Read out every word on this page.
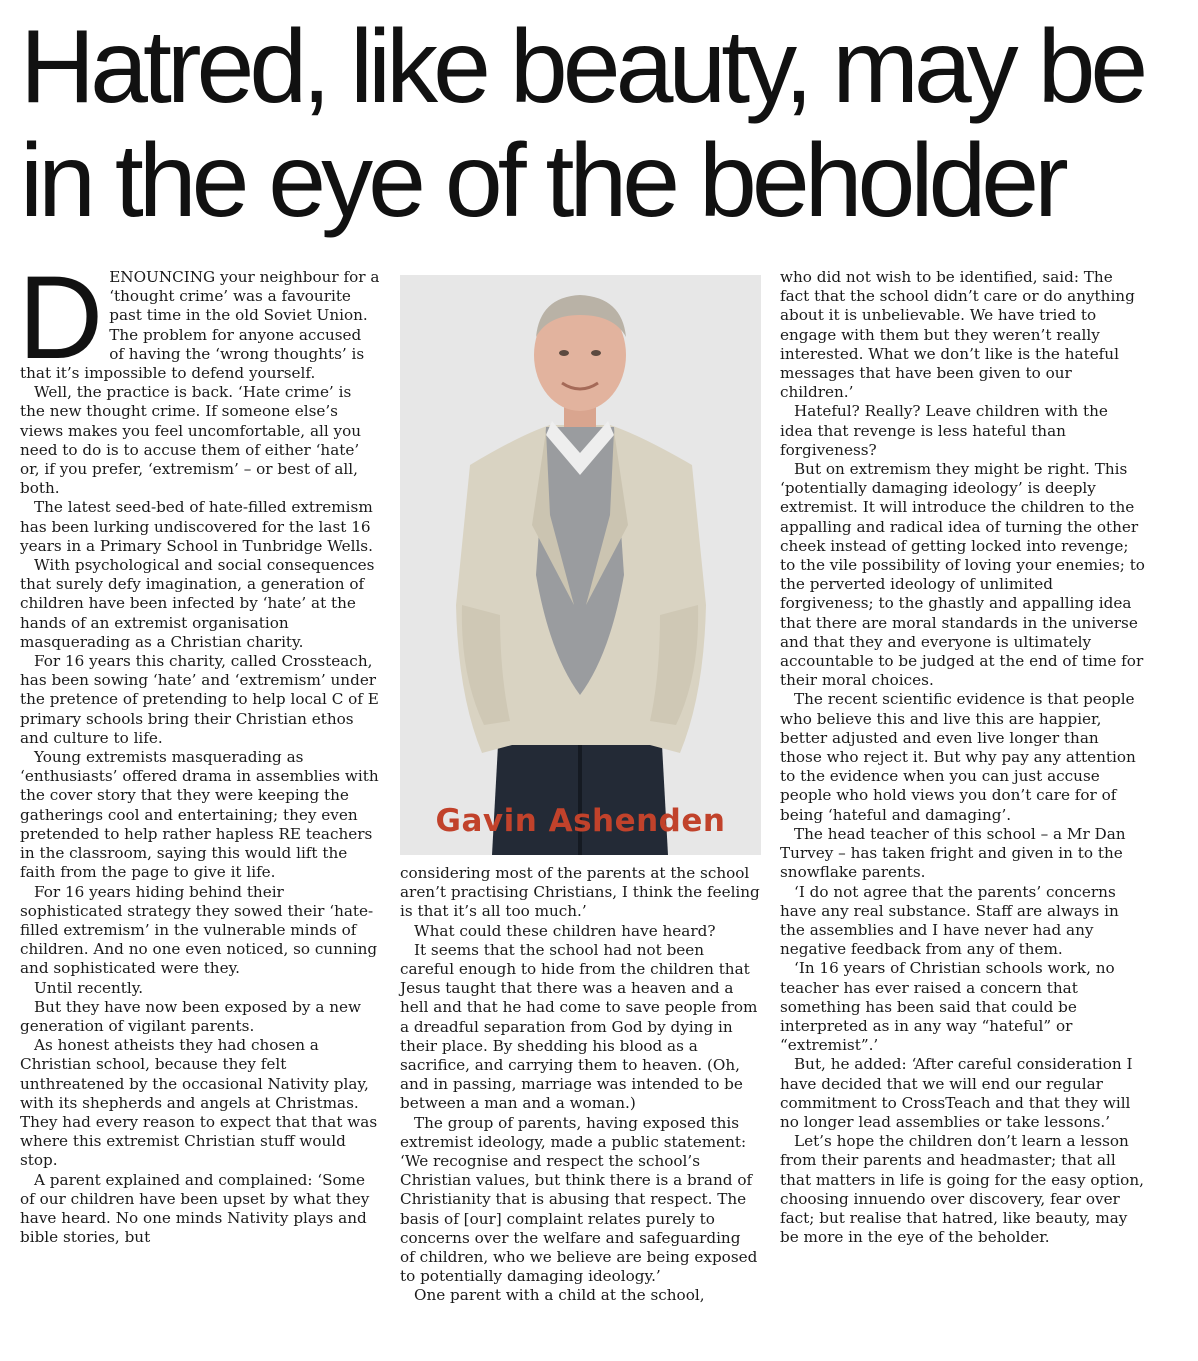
Hatred, like beauty, may be
in the eye of the beholder
D ENOUNCING your neighbour for a ‘thought crime’ was a favourite past time in the old Soviet Union. The problem for anyone accused of having the ‘wrong thoughts’ is that it’s impossible to defend yourself.

Well, the practice is back. ‘Hate crime’ is the new thought crime. If someone else’s views makes you feel uncomfortable, all you need to do is to accuse them of either ‘hate’ or, if you prefer, ‘extremism’ – or best of all, both.

The latest seed-bed of hate-filled extremism has been lurking undiscovered for the last 16 years in a Primary School in Tunbridge Wells.

With psychological and social consequences that surely defy imagination, a generation of children have been infected by ‘hate’ at the hands of an extremist organisation masquerading as a Christian charity.

For 16 years this charity, called Crossteach, has been sowing ‘hate’ and ‘extremism’ under the pretence of pretending to help local C of E primary schools bring their Christian ethos and culture to life.

Young extremists masquerading as ‘enthusiasts’ offered drama in assemblies with the cover story that they were keeping the gatherings cool and entertaining; they even pretended to help rather hapless RE teachers in the classroom, saying this would lift the faith from the page to give it life.

For 16 years hiding behind their sophisticated strategy they sowed their ‘hate-filled extremism’ in the vulnerable minds of children. And no one even noticed, so cunning and sophisticated were they.

Until recently.

But they have now been exposed by a new generation of vigilant parents.

As honest atheists they had chosen a Christian school, because they felt unthreatened by the occasional Nativity play, with its shepherds and angels at Christmas. They had every reason to expect that that was where this extremist Christian stuff would stop.

A parent explained and complained: ‘Some of our children have been upset by what they have heard. No one minds Nativity plays and bible stories, but

Gavin Ashenden

considering most of the parents at the school aren’t practising Christians, I think the feeling is that it’s all too much.’

What could these children have heard?

It seems that the school had not been careful enough to hide from the children that Jesus taught that there was a heaven and a hell and that he had come to save people from a dreadful separation from God by dying in their place. By shedding his blood as a sacrifice, and carrying them to heaven. (Oh, and in passing, marriage was intended to be between a man and a woman.)

The group of parents, having exposed this extremist ideology, made a public statement: ‘We recognise and respect the school’s Christian values, but think there is a brand of Christianity that is abusing that respect. The basis of [our] complaint relates purely to concerns over the welfare and safeguarding of children, who we believe are being exposed to potentially damaging ideology.’

One parent with a child at the school,

who did not wish to be identified, said: The fact that the school didn’t care or do anything about it is unbelievable. We have tried to engage with them but they weren’t really interested. What we don’t like is the hateful messages that have been given to our children.’

Hateful? Really? Leave children with the idea that revenge is less hateful than forgiveness?

But on extremism they might be right. This ‘potentially damaging ideology’ is deeply extremist. It will introduce the children to the appalling and radical idea of turning the other cheek instead of getting locked into revenge; to the vile possibility of loving your enemies; to the perverted ideology of unlimited forgiveness; to the ghastly and appalling idea that there are moral standards in the universe and that they and everyone is ultimately accountable to be judged at the end of time for their moral choices.

The recent scientific evidence is that people who believe this and live this are happier, better adjusted and even live longer than those who reject it. But why pay any attention to the evidence when you can just accuse people who hold views you don’t care for of being ‘hateful and damaging’.

The head teacher of this school – a Mr Dan Turvey – has taken fright and given in to the snowflake parents.

‘I do not agree that the parents’ concerns have any real substance. Staff are always in the assemblies and I have never had any negative feedback from any of them.

‘In 16 years of Christian schools work, no teacher has ever raised a concern that something has been said that could be interpreted as in any way “hateful” or “extremist”.’

But, he added: ‘After careful consideration I have decided that we will end our regular commitment to CrossTeach and that they will no longer lead assemblies or take lessons.’

Let’s hope the children don’t learn a lesson from their parents and headmaster; that all that matters in life is going for the easy option, choosing innuendo over discovery, fear over fact; but realise that hatred, like beauty, may be more in the eye of the beholder.
